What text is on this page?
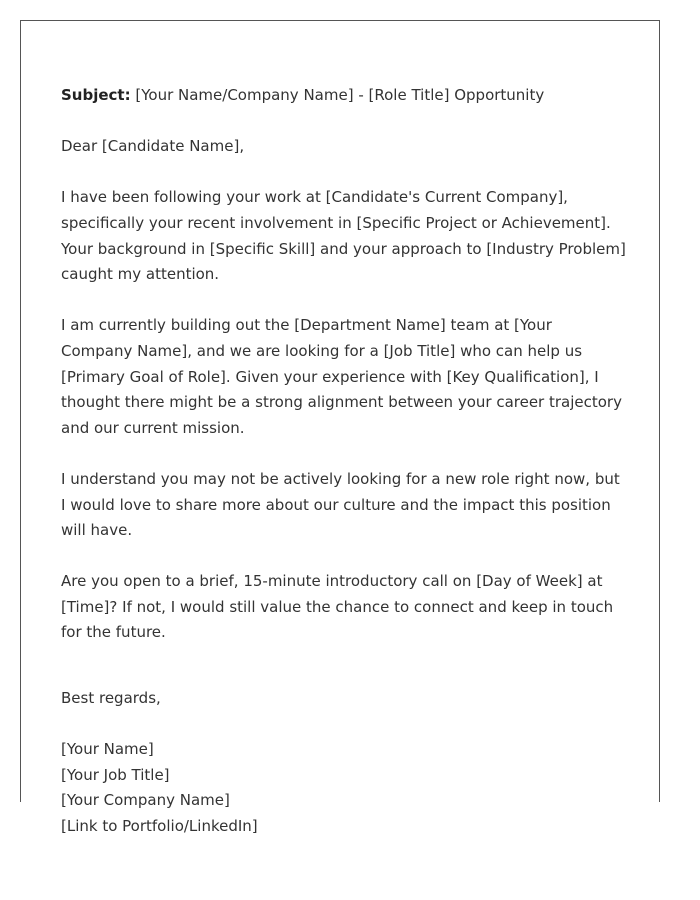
Subject: [Your Name/Company Name] - [Role Title] Opportunity

Dear [Candidate Name],

I have been following your work at [Candidate's Current Company], specifically your recent involvement in [Specific Project or Achievement]. Your background in [Specific Skill] and your approach to [Industry Problem] caught my attention.

I am currently building out the [Department Name] team at [Your Company Name], and we are looking for a [Job Title] who can help us [Primary Goal of Role]. Given your experience with [Key Qualification], I thought there might be a strong alignment between your career trajectory and our current mission.

I understand you may not be actively looking for a new role right now, but I would love to share more about our culture and the impact this position will have.

Are you open to a brief, 15-minute introductory call on [Day of Week] at [Time]? If not, I would still value the chance to connect and keep in touch for the future.

Best regards,

[Your Name]
[Your Job Title]
[Your Company Name]
[Link to Portfolio/LinkedIn]
